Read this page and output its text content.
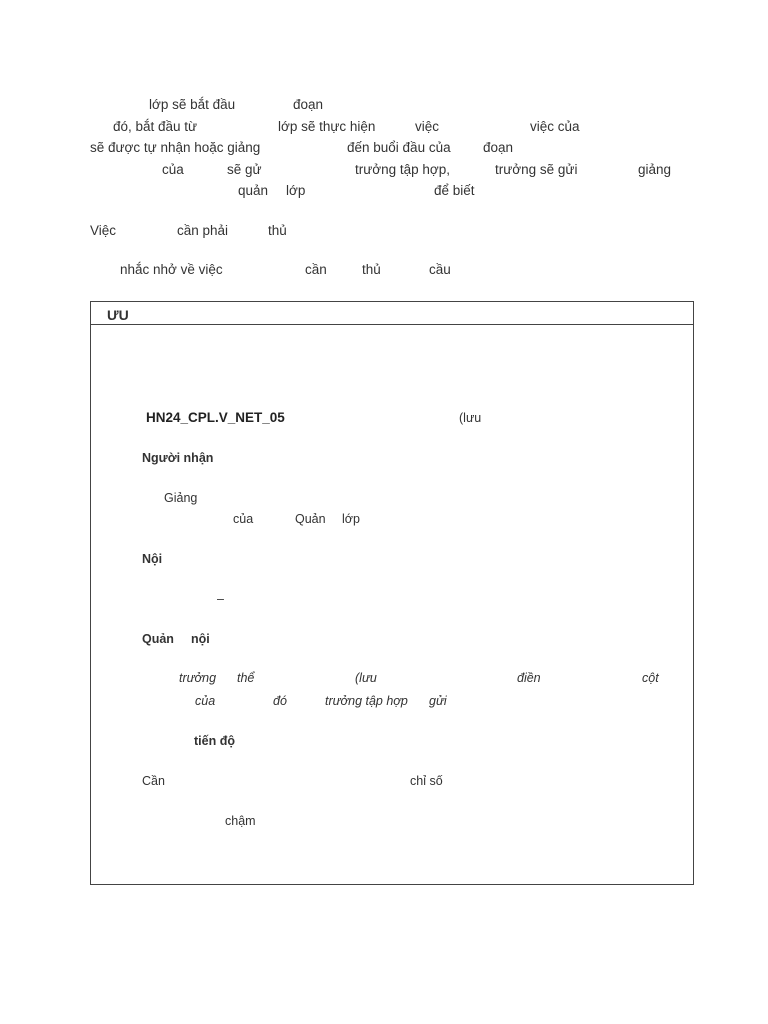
lớp sẽ bắt đầu	đoạn
đó, bắt đầu từ	lớp sẽ thực hiện	việc	việc của
sẽ được tự nhận hoặc giảng	đến buổi đầu của đoạn
của	sẽ gử	trưởng tập hợp,	trưởng sẽ gửi	giảng
quản lớp	để biết
Việc	cần phải	thủ
nhắc nhở về việc	cần	thủ	cầu
ƯU
HN24_CPL.V_NET_05	(lưu
Người nhận
Giảng
của	Quản lớp
Nội
–
Quản nội
trưởng thể	(lưu	điền	cột
của	đó	trưởng tập hợp gửi
tiến độ
Cần	chỉ số
chậm
